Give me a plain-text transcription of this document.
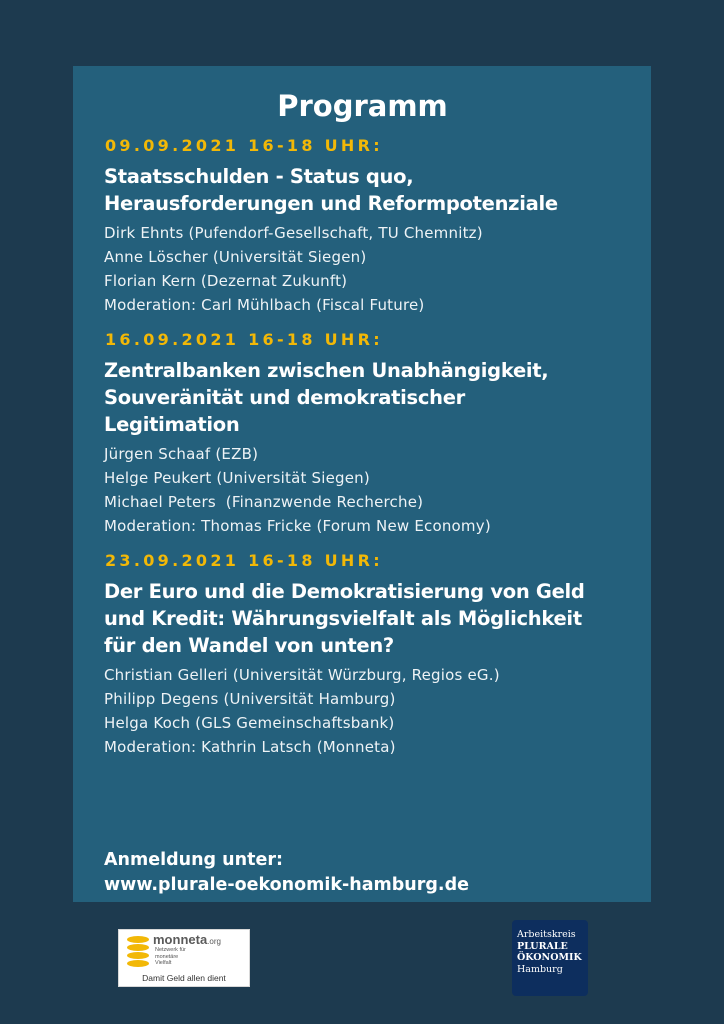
Programm
09.09.2021 16-18 UHR:
Staatsschulden - Status quo,
Herausforderungen und Reformpotenziale

Dirk Ehnts (Pufendorf-Gesellschaft, TU Chemnitz)

Anne Löscher (Universität Siegen)

Florian Kern (Dezernat Zukunft)

Moderation: Carl Mühlbach (Fiscal Future)

16.09.2021 16-18 UHR:
Zentralbanken zwischen Unabhängigkeit,
Souveränität und demokratischer
Legitimation

Jürgen Schaaf (EZB)

Helge Peukert (Universität Siegen)

Michael Peters  (Finanzwende Recherche)

Moderation: Thomas Fricke (Forum New Economy)

23.09.2021 16-18 UHR:
Der Euro und die Demokratisierung von Geld
und Kredit: Währungsvielfalt als Möglichkeit
für den Wandel von unten?

Christian Gelleri (Universität Würzburg, Regios eG.)

Philipp Degens (Universität Hamburg)

Helga Koch (GLS Gemeinschaftsbank)

Moderation: Kathrin Latsch (Monneta)

Anmeldung unter:
www.plurale-oekonomik-hamburg.de
monneta.org
Netzwerk für
monetäre
Vielfalt
Damit Geld allen dient
Arbeitskreis
PLURALE
ÖKONOMIK
Hamburg
